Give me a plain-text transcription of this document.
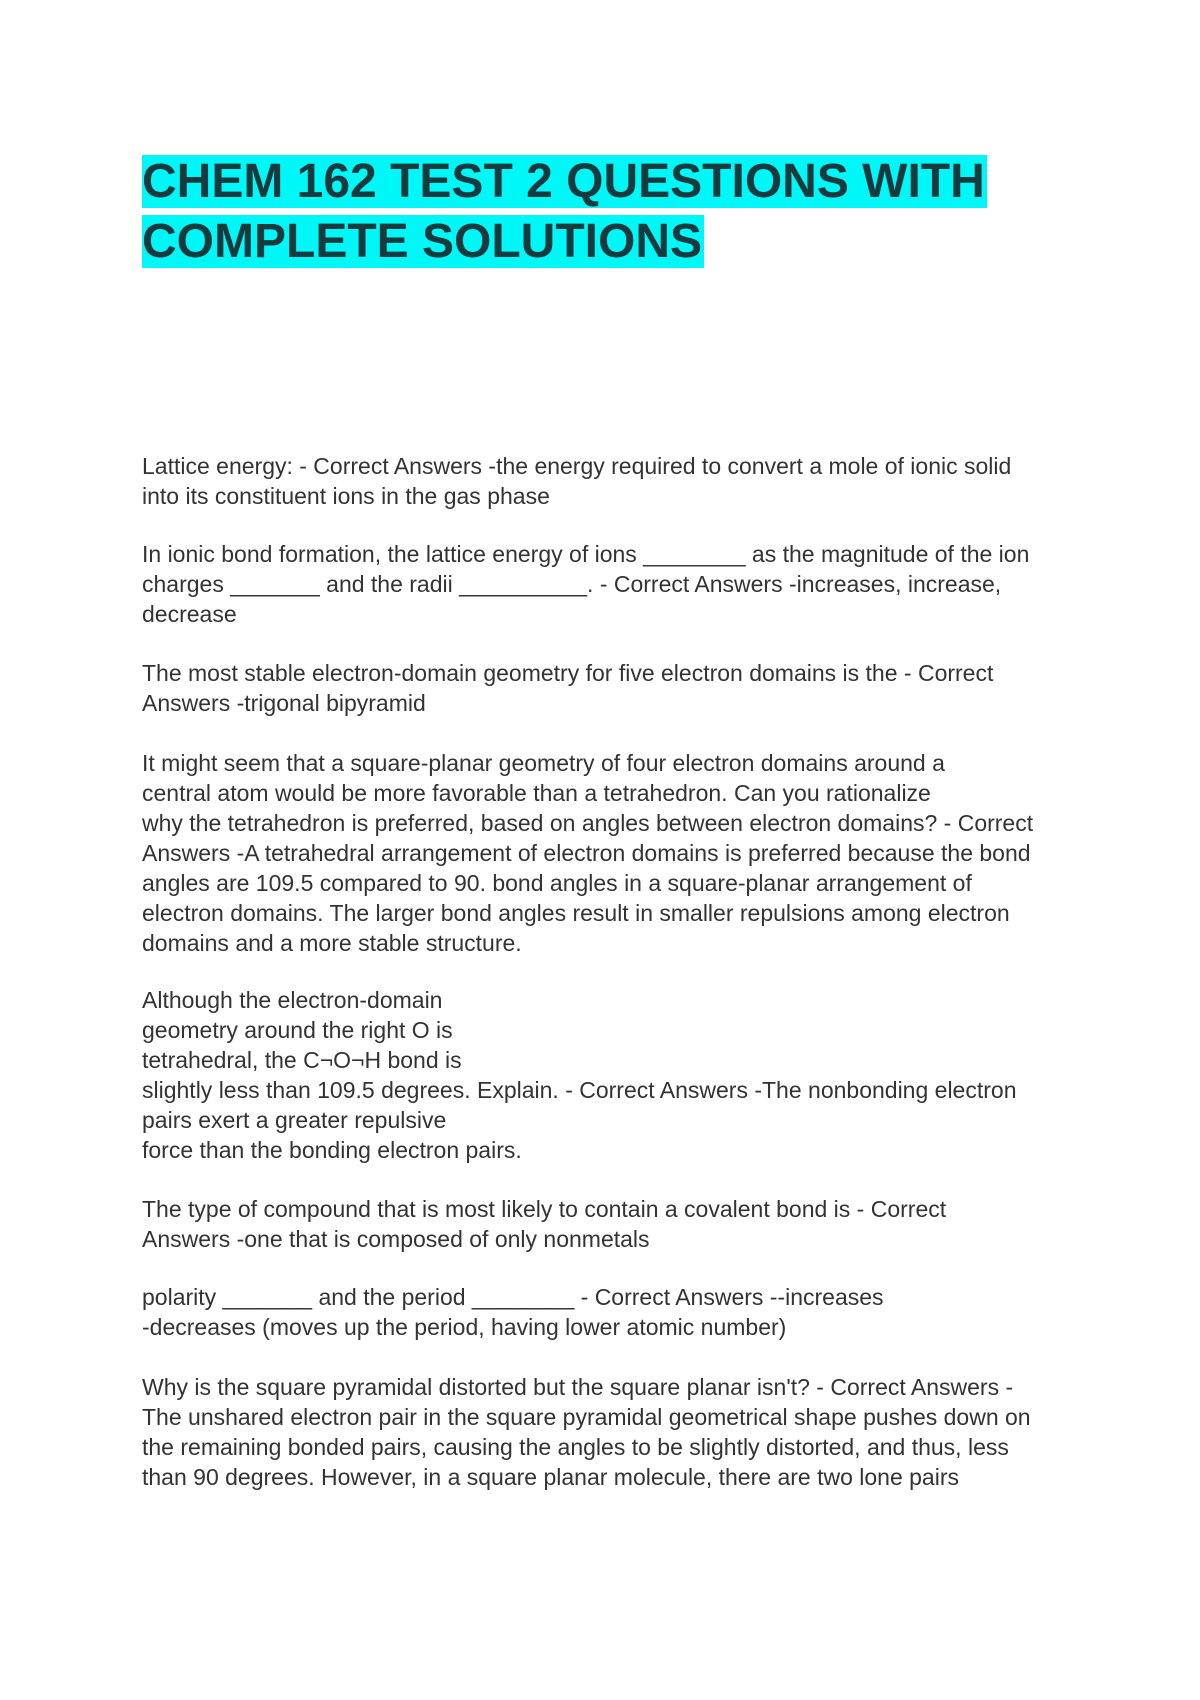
CHEM 162 TEST 2 QUESTIONS WITH
COMPLETE SOLUTIONS

Lattice energy: - Correct Answers -the energy required to convert a mole of ionic solid
into its constituent ions in the gas phase

In ionic bond formation, the lattice energy of ions ________ as the magnitude of the ion
charges _______ and the radii __________. - Correct Answers -increases, increase,
decrease

The most stable electron-domain geometry for five electron domains is the - Correct
Answers -trigonal bipyramid

It might seem that a square-planar geometry of four electron domains around a
central atom would be more favorable than a tetrahedron. Can you rationalize
why the tetrahedron is preferred, based on angles between electron domains? - Correct
Answers -A tetrahedral arrangement of electron domains is preferred because the bond
angles are 109.5 compared to 90. bond angles in a square-planar arrangement of
electron domains. The larger bond angles result in smaller repulsions among electron
domains and a more stable structure.

Although the electron-domain
geometry around the right O is
tetrahedral, the C¬O¬H bond is
slightly less than 109.5 degrees. Explain. - Correct Answers -The nonbonding electron
pairs exert a greater repulsive
force than the bonding electron pairs.

The type of compound that is most likely to contain a covalent bond is - Correct
Answers -one that is composed of only nonmetals

polarity _______ and the period ________ - Correct Answers --increases
-decreases (moves up the period, having lower atomic number)

Why is the square pyramidal distorted but the square planar isn't? - Correct Answers -
The unshared electron pair in the square pyramidal geometrical shape pushes down on
the remaining bonded pairs, causing the angles to be slightly distorted, and thus, less
than 90 degrees. However, in a square planar molecule, there are two lone pairs
